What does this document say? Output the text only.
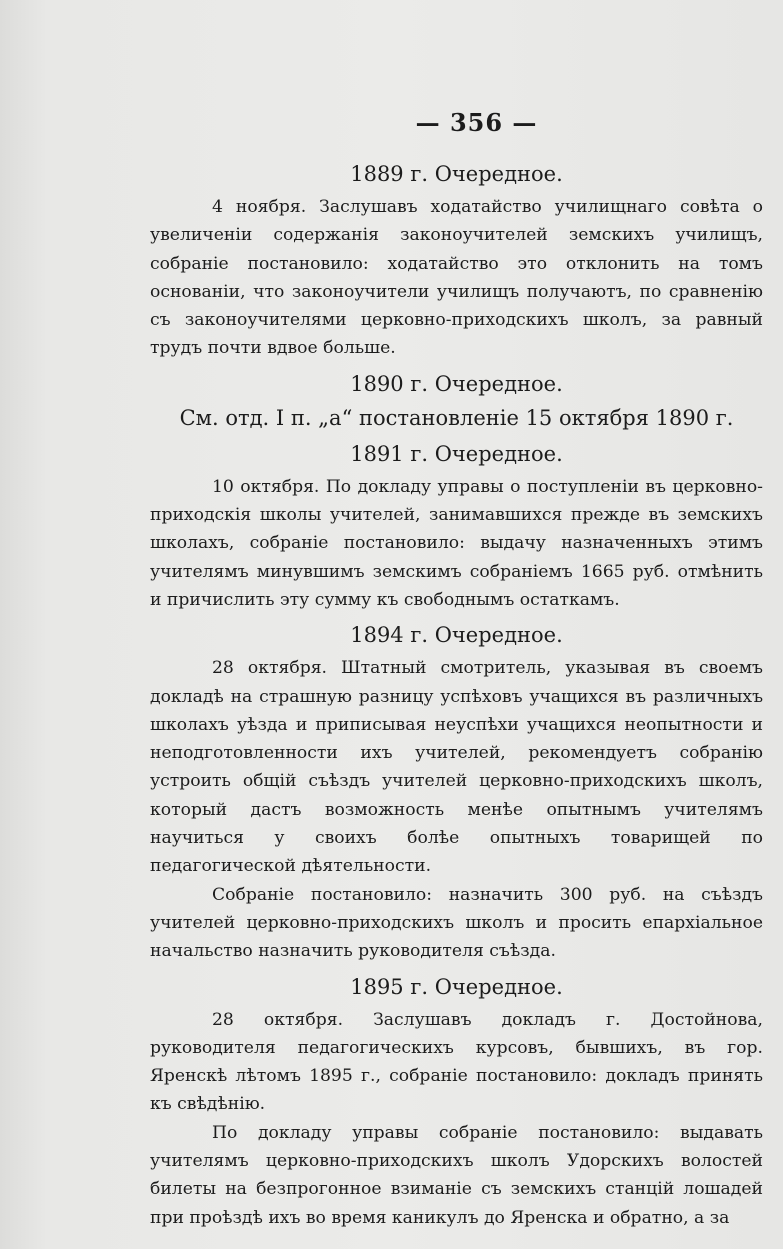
— 356 —
1889 г. Очередное.

4 ноября. Заслушавъ ходатайство училищнаго совѣта о увеличеніи содержанія законоучителей земскихъ училищъ, собраніе постановило: ходатайство это отклонить на томъ основаніи, что законоучители училищъ получаютъ, по сравненію съ законоучителями церковно-приходскихъ школъ, за равный трудъ почти вдвое больше.

1890 г. Очередное.
См. отд. I п. „а“ постановленіе 15 октября 1890 г.
1891 г. Очередное.

10 октября. По докладу управы о поступленіи въ церковно-приходскія школы учителей, занимавшихся прежде въ земскихъ школахъ, собраніе постановило: выдачу назначенныхъ этимъ учителямъ минувшимъ земскимъ собраніемъ 1665 руб. отмѣнить и причислить эту сумму къ свободнымъ остаткамъ.

1894 г. Очередное.

28 октября. Штатный смотритель, указывая въ своемъ докладѣ на страшную разницу успѣховъ учащихся въ различныхъ школахъ уѣзда и приписывая неуспѣхи учащихся неопытности и неподготовленности ихъ учителей, рекомендуетъ собранію устроить общій съѣздъ учителей церковно-приходскихъ школъ, который дастъ возможность менѣе опытнымъ учителямъ научиться у своихъ болѣе опытныхъ товарищей по педагогической дѣятельности.

Собраніе постановило: назначить 300 руб. на съѣздъ учителей церковно-приходскихъ школъ и просить епархіальное начальство назначить руководителя съѣзда.

1895 г. Очередное.

28 октября. Заслушавъ докладъ г. Достойнова, руководителя педагогическихъ курсовъ, бывшихъ, въ гор. Яренскѣ лѣтомъ 1895 г., собраніе постановило: докладъ принять къ свѣдѣнію.

По докладу управы собраніе постановило: выдавать учителямъ церковно-приходскихъ школъ Удорскихъ волостей билеты на безпрогонное взиманіе съ земскихъ станцій лошадей при проѣздѣ ихъ во время каникулъ до Яренска и обратно, а за
